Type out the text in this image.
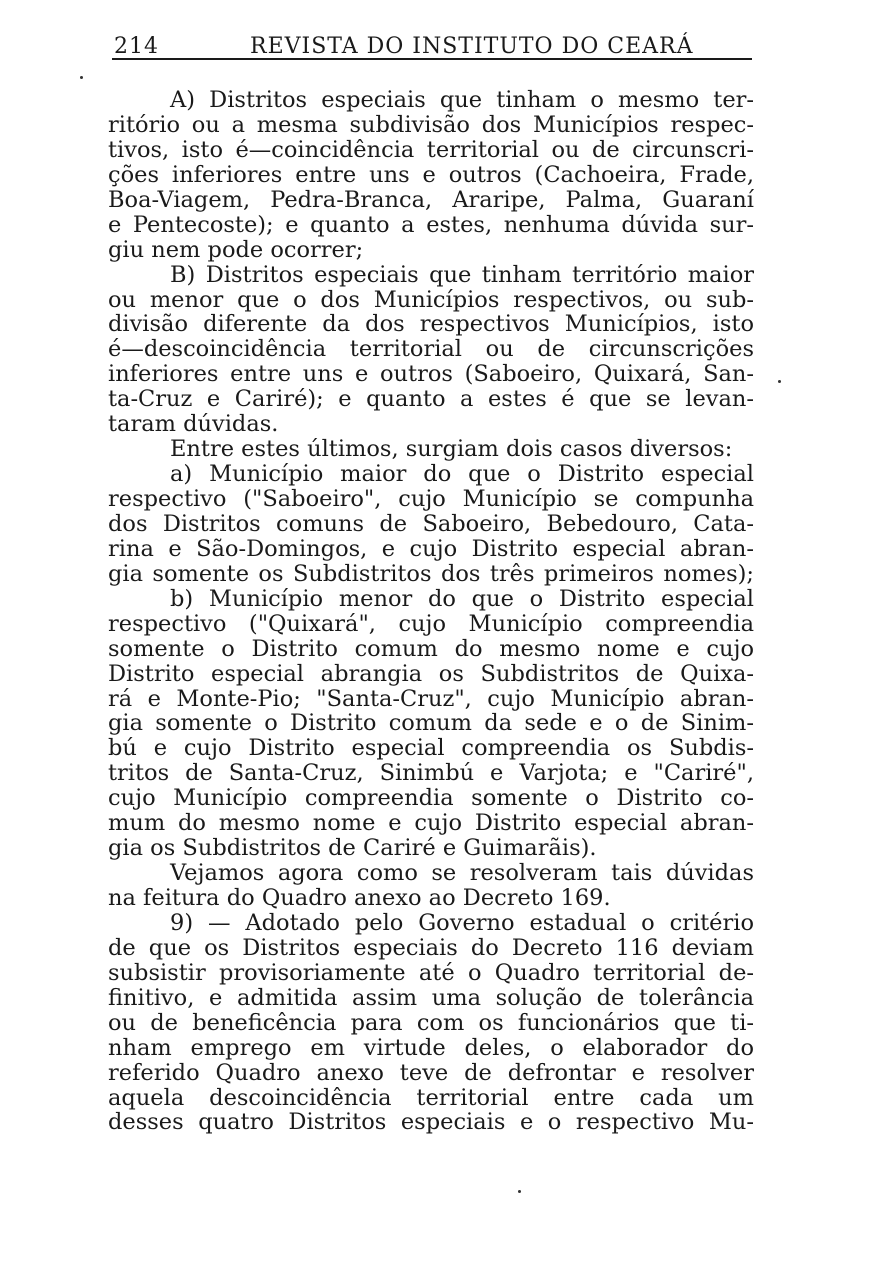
214	REVISTA DO INSTITUTO DO CEARÁ
A) Distritos especiais que tinham o mesmo ter-
ritório ou a mesma subdivisão dos Municípios respec-
tivos, isto é—coincidência territorial ou de circunscri-
ções inferiores entre uns e outros (Cachoeira, Frade,
Boa-Viagem, Pedra-Branca, Araripe, Palma, Guaraní
e Pentecoste); e quanto a estes, nenhuma dúvida sur-
giu nem pode ocorrer;
B) Distritos especiais que tinham território maior
ou menor que o dos Municípios respectivos, ou sub-
divisão diferente da dos respectivos Municípios, isto
é—descoincidência territorial ou de circunscrições
inferiores entre uns e outros (Saboeiro, Quixará, San-
ta-Cruz e Cariré); e quanto a estes é que se levan-
taram dúvidas.
Entre estes últimos, surgiam dois casos diversos:
a) Município maior do que o Distrito especial
respectivo ("Saboeiro", cujo Município se compunha
dos Distritos comuns de Saboeiro, Bebedouro, Cata-
rina e São-Domingos, e cujo Distrito especial abran-
gia somente os Subdistritos dos três primeiros nomes);
b) Município menor do que o Distrito especial
respectivo ("Quixará", cujo Município compreendia
somente o Distrito comum do mesmo nome e cujo
Distrito especial abrangia os Subdistritos de Quixa-
rá e Monte-Pio; "Santa-Cruz", cujo Município abran-
gia somente o Distrito comum da sede e o de Sinim-
bú e cujo Distrito especial compreendia os Subdis-
tritos de Santa-Cruz, Sinimbú e Varjota; e "Cariré",
cujo Município compreendia somente o Distrito co-
mum do mesmo nome e cujo Distrito especial abran-
gia os Subdistritos de Cariré e Guimarãis).
Vejamos agora como se resolveram tais dúvidas
na feitura do Quadro anexo ao Decreto 169.
9) — Adotado pelo Governo estadual o critério
de que os Distritos especiais do Decreto 116 deviam
subsistir provisoriamente até o Quadro territorial de-
finitivo, e admitida assim uma solução de tolerância
ou de beneficência para com os funcionários que ti-
nham emprego em virtude deles, o elaborador do
referido Quadro anexo teve de defrontar e resolver
aquela descoincidência territorial entre cada um
desses quatro Distritos especiais e o respectivo Mu-
